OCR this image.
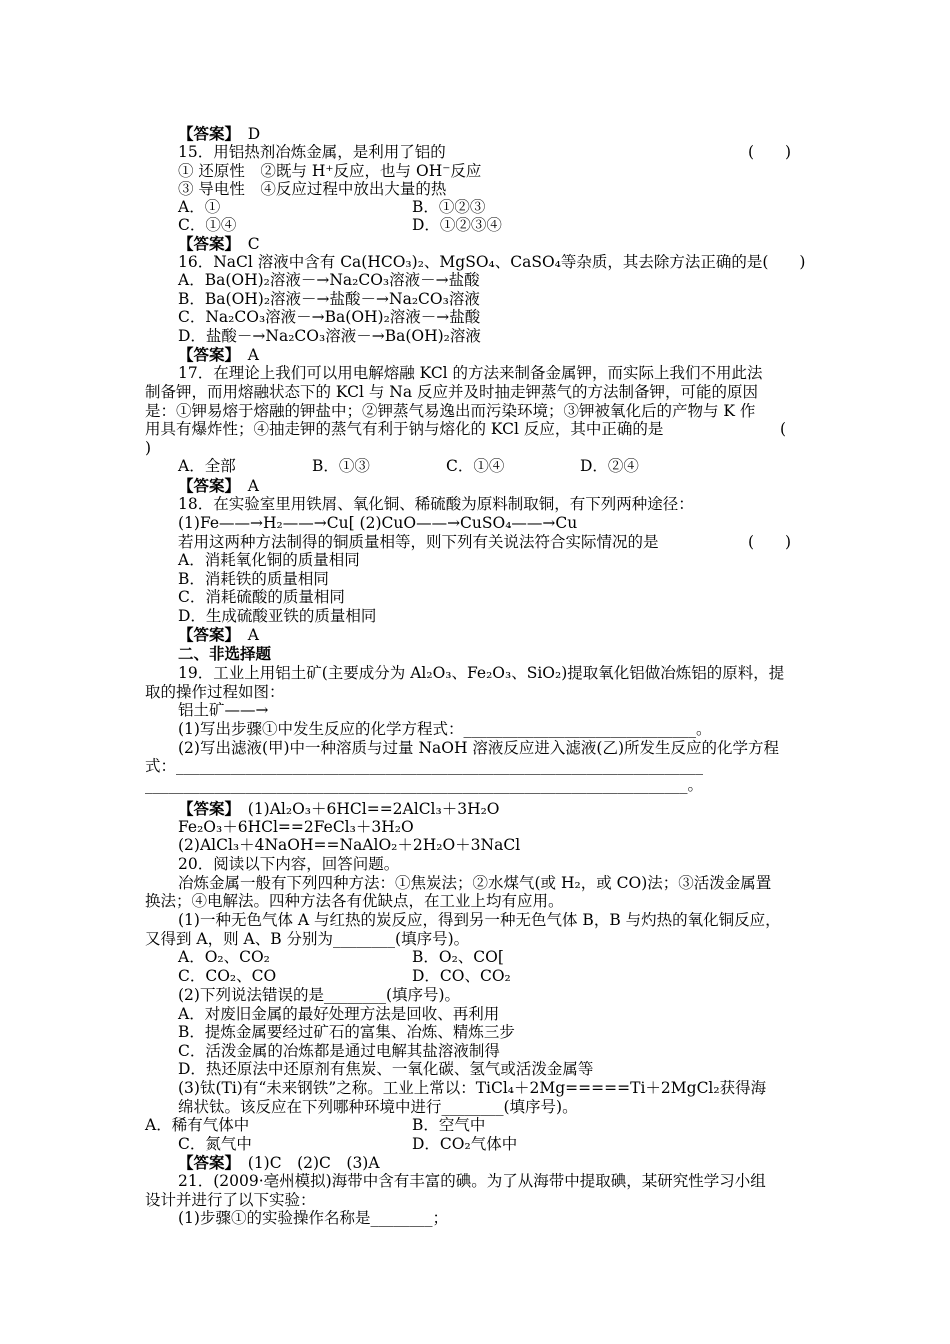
【答案】　D
15．用铝热剂冶炼金属，是利用了铝的	(　　)
① 还原性　②既与 H⁺反应，也与 OH⁻反应
③ 导电性　④反应过程中放出大量的热
A．①	B．①②③
C．①④	D．①②③④
【答案】　C
16．NaCl 溶液中含有 Ca(HCO₃)₂、MgSO₄、CaSO₄等杂质，其去除方法正确的是(　　)
A．Ba(OH)₂溶液－→Na₂CO₃溶液－→盐酸
B．Ba(OH)₂溶液－→盐酸－→Na₂CO₃溶液
C．Na₂CO₃溶液－→Ba(OH)₂溶液－→盐酸
D．盐酸－→Na₂CO₃溶液－→Ba(OH)₂溶液
【答案】　A
17．在理论上我们可以用电解熔融 KCl 的方法来制备金属钾，而实际上我们不用此法
制备钾，而用熔融状态下的 KCl 与 Na 反应并及时抽走钾蒸气的方法制备钾，可能的原因
是：①钾易熔于熔融的钾盐中；②钾蒸气易逸出而污染环境；③钾被氧化后的产物与 K 作
用具有爆炸性；④抽走钾的蒸气有利于钠与熔化的 KCl 反应，其中正确的是	(
)
A．全部	B．①③	C．①④	D．②④
【答案】　A
18．在实验室里用铁屑、氧化铜、稀硫酸为原料制取铜，有下列两种途径：
(1)Fe——→H₂——→Cu[ (2)CuO——→CuSO₄——→Cu
若用这两种方法制得的铜质量相等，则下列有关说法符合实际情况的是	(　　)
A．消耗氧化铜的质量相同
B．消耗铁的质量相同
C．消耗硫酸的质量相同
D．生成硫酸亚铁的质量相同
【答案】　A
二、非选择题
19．工业上用铝土矿(主要成分为 Al₂O₃、Fe₂O₃、SiO₂)提取氧化铝做冶炼铝的原料，提
取的操作过程如图：
铝土矿——→
(1)写出步骤①中发生反应的化学方程式：______________________________。
(2)写出滤液(甲)中一种溶质与过量 NaOH 溶液反应进入滤液(乙)所发生反应的化学方程
式：____________________________________________________________________
______________________________________________________________________。
【答案】　(1)Al₂O₃＋6HCl==2AlCl₃＋3H₂O
Fe₂O₃＋6HCl==2FeCl₃＋3H₂O
(2)AlCl₃＋4NaOH==NaAlO₂＋2H₂O＋3NaCl
20．阅读以下内容，回答问题。
冶炼金属一般有下列四种方法：①焦炭法；②水煤气(或 H₂，或 CO)法；③活泼金属置
换法；④电解法。四种方法各有优缺点，在工业上均有应用。
(1)一种无色气体 A 与红热的炭反应，得到另一种无色气体 B，B 与灼热的氧化铜反应，
又得到 A，则 A、B 分别为________(填序号)。
A．O₂、CO₂	B．O₂、CO[
C．CO₂、CO	D．CO、CO₂
(2)下列说法错误的是________(填序号)。
A．对废旧金属的最好处理方法是回收、再利用
B．提炼金属要经过矿石的富集、冶炼、精炼三步
C．活泼金属的冶炼都是通过电解其盐溶液制得
D．热还原法中还原剂有焦炭、一氧化碳、氢气或活泼金属等
(3)钛(Ti)有“未来钢铁”之称。工业上常以：TiCl₄＋2Mg=====Ti＋2MgCl₂获得海
绵状钛。该反应在下列哪种环境中进行________(填序号)。
A．稀有气体中	B．空气中
C．氮气中	D．CO₂气体中
【答案】　(1)C　(2)C　(3)A
21．(2009·亳州模拟)海带中含有丰富的碘。为了从海带中提取碘，某研究性学习小组
设计并进行了以下实验：
(1)步骤①的实验操作名称是________；
